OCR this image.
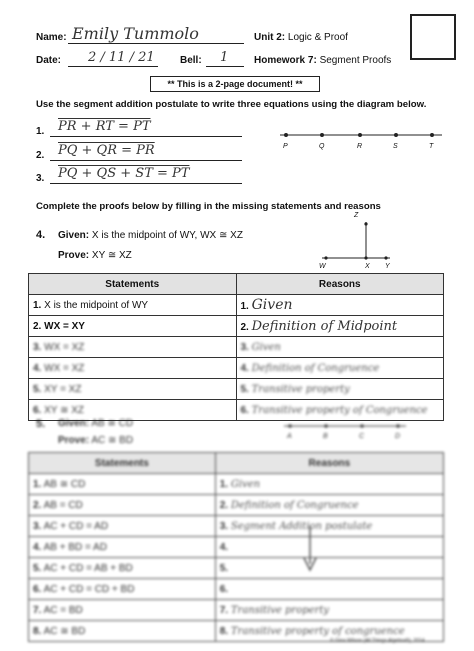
Name: Emily Tummolo
Date: 2 / 11 / 21	Bell: 1
Unit 2: Logic & Proof
Homework 7: Segment Proofs
** This is a 2-page document! **
Use the segment addition postulate to write three equations using the diagram below.
1. PR + RT = PT
2. PQ + QR = PR
3. PQ + QS + ST = PT
P	Q	R	S	T
Complete the proofs below by filling in the missing statements and reasons
4. Given: X is the midpoint of WY, WX ≅ XZ
Prove: XY ≅ XZ
Z
W	X Y
Statements	Reasons
1. X is the midpoint of WY	1. Given
2. WX = XY	2. Definition of Midpoint
3. WX = XZ	3. Given
4. WX = XZ	4. Definition of Congruence
5. XY = XZ	5. Transitive property
6. XY ≅ XZ	6. Transitive property of Congruence
5. Given: AB ≅ CD
Prove: AC ≅ BD	A	B	C	D
Statements	Reasons
1. AB ≅ CD	1. Given
2. AB = CD	2. Definition of Congruence
3. AC + CD = AD	3. Segment Addition postulate
4. AB + BD = AD	4.
5. AC + CD = AB + BD	5.
6. AC + CD = CD + BD	6.
7. AC = BD	7. Transitive property
8. AC ≅ BD	8. Transitive property of congruence
© Gina Wilson (All Things Algebra®), 2014
